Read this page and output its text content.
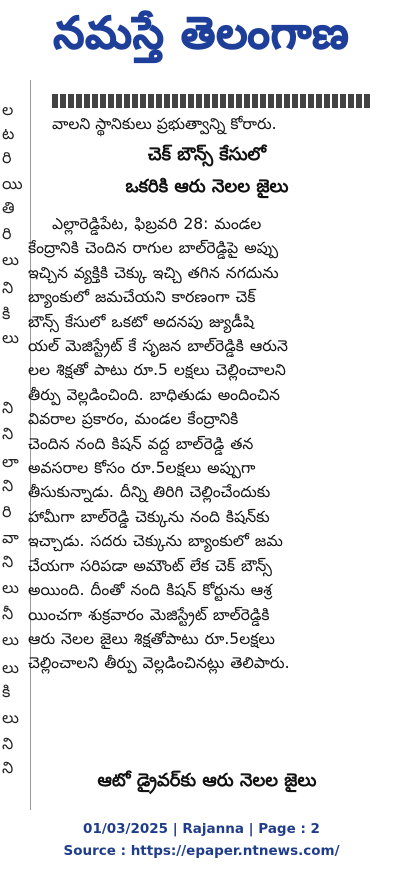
నమస్తే తెలంగాణ
ల
ట
రి
యి
తి
రి
లు
ని
కి
లు
ని
ని
లా
ని
రి
వా
ని
లు
నీ
లు
లు
కి
లు
ని
ని
వాలని స్థానికులు ప్రభుత్వాన్ని కోరారు.
చెక్ బౌన్స్ కేసులో
ఒకరికి ఆరు నెలల జైలు

ఎల్లారెడ్డిపేట, ఫిబ్రవరి 28: మండల

కేంద్రానికి చెందిన రాగుల బాల్‌రెడ్డిపై అప్పు

ఇచ్చిన వ్యక్తికి చెక్కు ఇచ్చి తగిన నగదును

బ్యాంకులో జమచేయని కారణంగా చెక్

బౌన్స్ కేసులో ఒకటో అదనపు జ్యుడీషి

యల్ మెజిస్ట్రేట్ కే సృజన బాల్‌రెడ్డికి ఆరునె

లల శిక్షతో పాటు రూ.5 లక్షలు చెల్లించాలని

తీర్పు వెల్లడించింది. బాధితుడు అందించిన

వివరాల ప్రకారం, మండల కేంద్రానికి

చెందిన నంది కిషన్ వద్ద బాల్‌రెడ్డి తన

అవసరాల కోసం రూ.5లక్షలు అప్పుగా

తీసుకున్నాడు. దీన్ని తిరిగి చెల్లించేందుకు

హామీగా బాల్‌రెడ్డి చెక్కును నంది కిషన్‌కు

ఇచ్చాడు. సదరు చెక్కును బ్యాంకులో జమ

చేయగా సరిపడా అమౌంట్ లేక చెక్ బౌన్స్

అయింది. దీంతో నంది కిషన్ కోర్టును ఆశ్ర

యించగా శుక్రవారం మెజిస్ట్రేట్ బాల్‌రెడ్డికి

ఆరు నెలల జైలు శిక్షతోపాటు రూ.5లక్షలు

చెల్లించాలని తీర్పు వెల్లడించినట్లు తెలిపారు.

ఆటో డ్రైవర్‌కు ఆరు నెలల జైలు
01/03/2025 | Rajanna | Page : 2
Source : https://epaper.ntnews.com/
